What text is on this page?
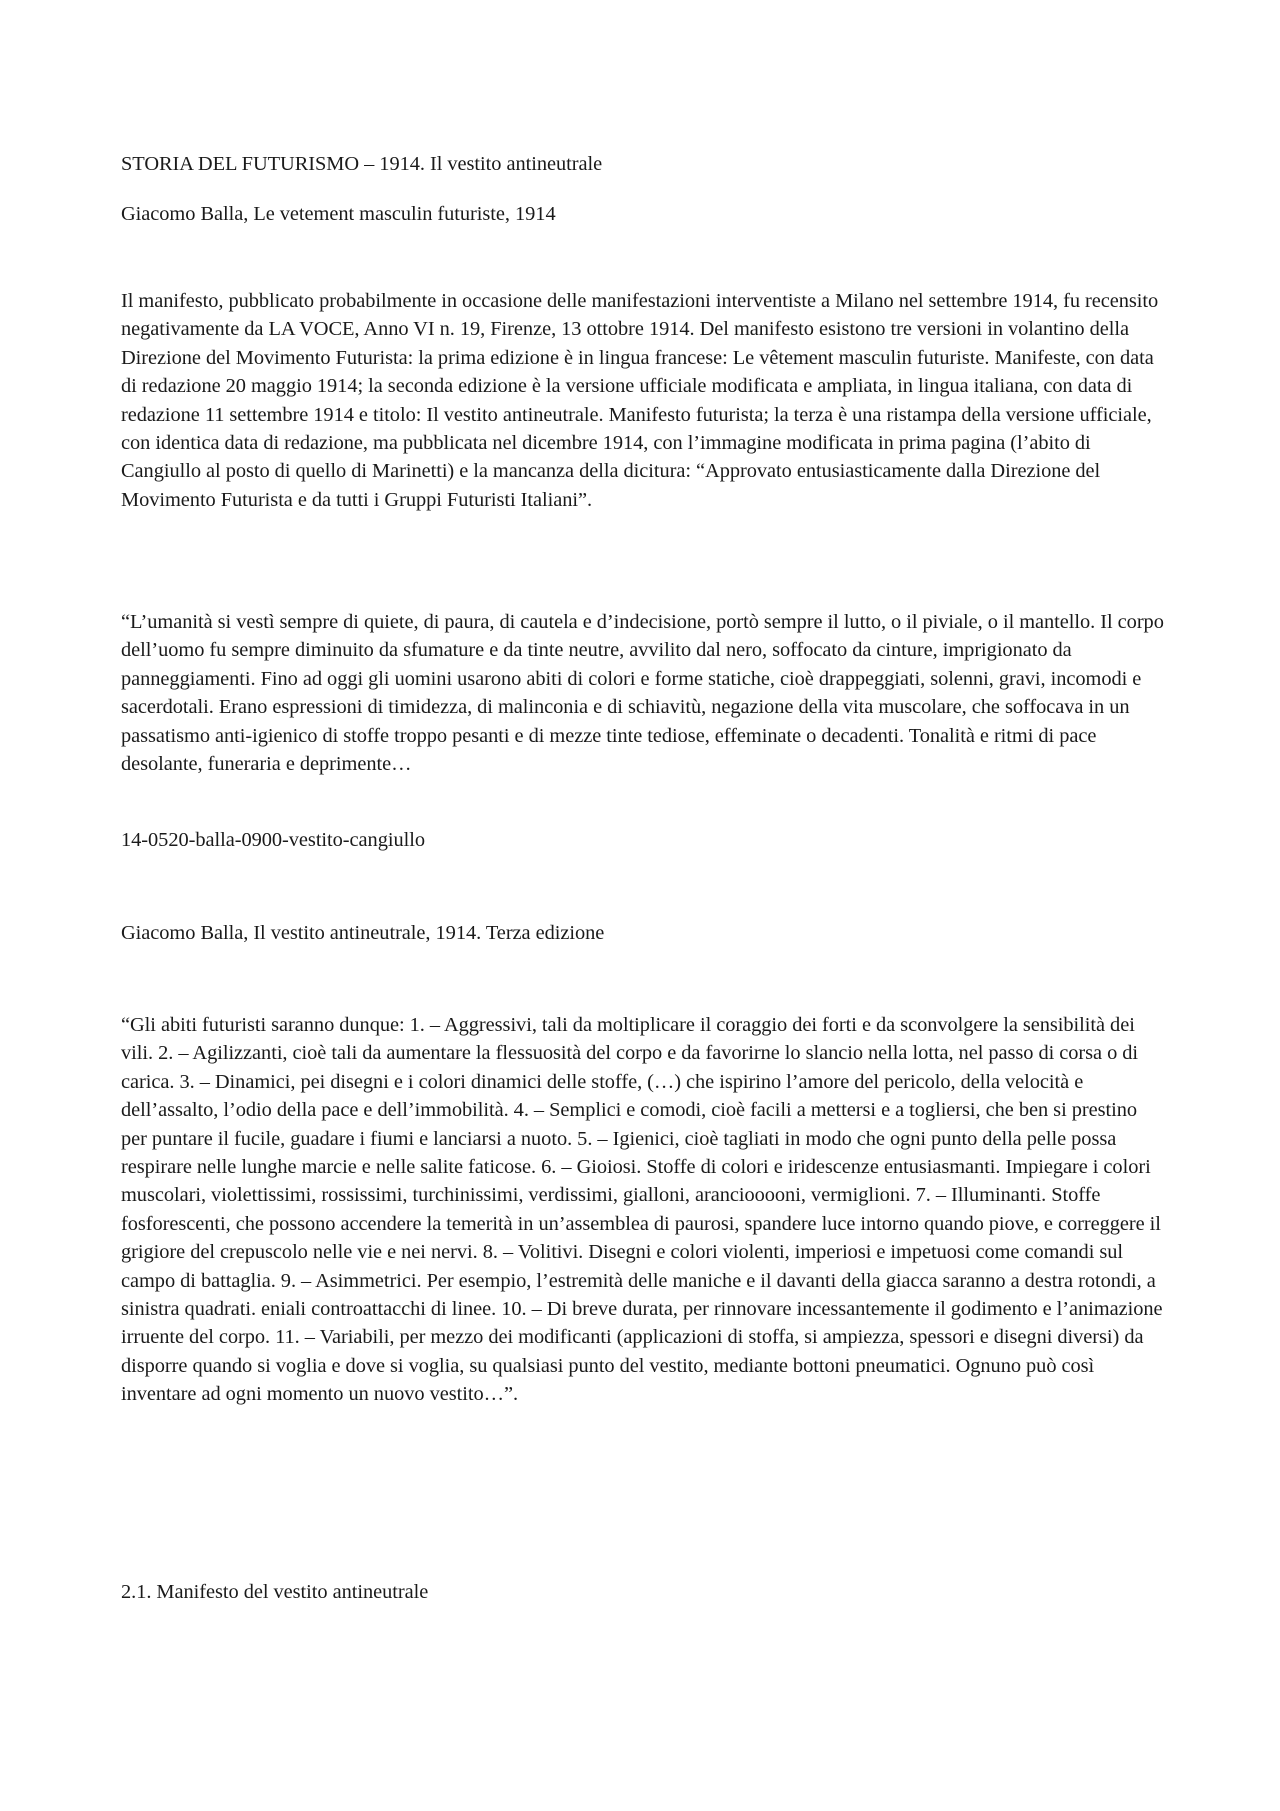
STORIA DEL FUTURISMO – 1914. Il vestito antineutrale

Giacomo Balla, Le vetement masculin futuriste, 1914

Il manifesto, pubblicato probabilmente in occasione delle manifestazioni interventiste a Milano nel settembre 1914, fu recensito negativamente da LA VOCE, Anno VI n. 19, Firenze, 13 ottobre 1914. Del manifesto esistono tre versioni in volantino della Direzione del Movimento Futurista: la prima edizione è in lingua francese: Le vêtement masculin futuriste. Manifeste, con data di redazione 20 maggio 1914; la seconda edizione è la versione ufficiale modificata e ampliata, in lingua italiana, con data di redazione 11 settembre 1914 e titolo: Il vestito antineutrale. Manifesto futurista; la terza è una ristampa della versione ufficiale, con identica data di redazione, ma pubblicata nel dicembre 1914, con l’immagine modificata in prima pagina (l’abito di Cangiullo al posto di quello di Marinetti) e la mancanza della dicitura: “Approvato entusiasticamente dalla Direzione del Movimento Futurista e da tutti i Gruppi Futuristi Italiani”.

“L’umanità si vestì sempre di quiete, di paura, di cautela e d’indecisione, portò sempre il lutto, o il piviale, o il mantello. Il corpo dell’uomo fu sempre diminuito da sfumature e da tinte neutre, avvilito dal nero, soffocato da cinture, imprigionato da panneggiamenti. Fino ad oggi gli uomini usarono abiti di colori e forme statiche, cioè drappeggiati, solenni, gravi, incomodi e sacerdotali. Erano espressioni di timidezza, di malinconia e di schiavitù, negazione della vita muscolare, che soffocava in un passatismo anti-igienico di stoffe troppo pesanti e di mezze tinte tediose, effeminate o decadenti. Tonalità e ritmi di pace desolante, funeraria e deprimente…

14-0520-balla-0900-vestito-cangiullo

Giacomo Balla, Il vestito antineutrale, 1914. Terza edizione

“Gli abiti futuristi saranno dunque: 1. – Aggressivi, tali da moltiplicare il coraggio dei forti e da sconvolgere la sensibilità dei vili. 2. – Agilizzanti, cioè tali da aumentare la flessuosità del corpo e da favorirne lo slancio nella lotta, nel passo di corsa o di carica. 3. – Dinamici, pei disegni e i colori dinamici delle stoffe, (…) che ispirino l’amore del pericolo, della velocità e dell’assalto, l’odio della pace e dell’immobilità. 4. – Semplici e comodi, cioè facili a mettersi e a togliersi, che ben si prestino per puntare il fucile, guadare i fiumi e lanciarsi a nuoto. 5. – Igienici, cioè tagliati in modo che ogni punto della pelle possa respirare nelle lunghe marcie e nelle salite faticose. 6. – Gioiosi. Stoffe di colori e iridescenze entusiasmanti. Impiegare i colori muscolari, violettissimi, rossissimi, turchinissimi, verdissimi, gialloni, aranciooooni, vermiglioni. 7. – Illuminanti. Stoffe fosforescenti, che possono accendere la temerità in un’assemblea di paurosi, spandere luce intorno quando piove, e correggere il grigiore del crepuscolo nelle vie e nei nervi. 8. – Volitivi. Disegni e colori violenti, imperiosi e impetuosi come comandi sul campo di battaglia. 9. – Asimmetrici. Per esempio, l’estremità delle maniche e il davanti della giacca saranno a destra rotondi, a sinistra quadrati. eniali controattacchi di linee. 10. – Di breve durata, per rinnovare incessantemente il godimento e l’animazione irruente del corpo. 11. – Variabili, per mezzo dei modificanti (applicazioni di stoffa, si ampiezza, spessori e disegni diversi) da disporre quando si voglia e dove si voglia, su qualsiasi punto del vestito, mediante bottoni pneumatici. Ognuno può così inventare ad ogni momento un nuovo vestito…”.

2.1. Manifesto del vestito antineutrale
